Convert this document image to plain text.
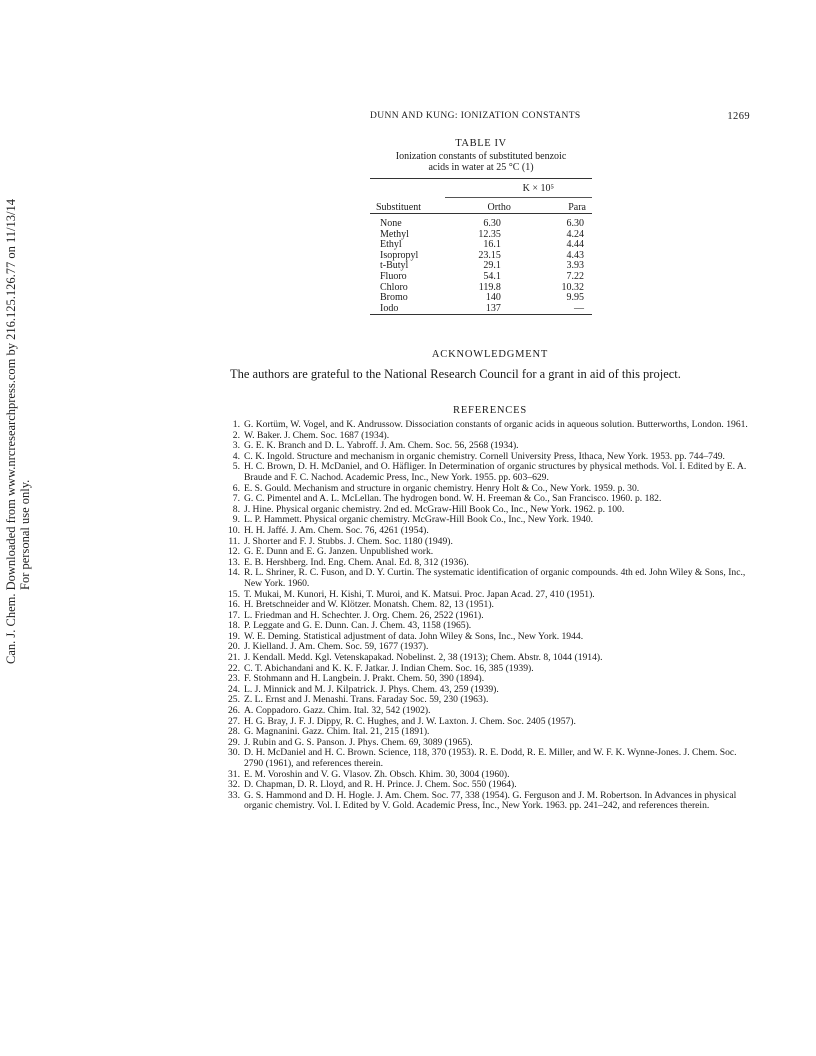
Can. J. Chem. Downloaded from www.nrcresearchpress.com by 216.125.126.77 on 11/13/14 For personal use only.
DUNN AND KUNG: IONIZATION CONSTANTS	1269
TABLE IV
Ionization constants of substituted benzoic
acids in water at 25 °C (1)
	K × 10⁵	

Substituent	Ortho	Para

None	6.30	6.30
Methyl	12.35	4.24
Ethyl	16.1	4.44
Isopropyl	23.15	4.43
t-Butyl	29.1	3.93
Fluoro	54.1	7.22
Chloro	119.8	10.32
Bromo	140	9.95
Iodo	137	—

ACKNOWLEDGMENT
The authors are grateful to the National Research Council for a grant in aid of this project.
REFERENCES
1. G. Kortüm, W. Vogel, and K. Andrussow. Dissociation constants of organic acids in aqueous solution. Butterworths, London. 1961.
2. W. Baker. J. Chem. Soc. 1687 (1934).
3. G. E. K. Branch and D. L. Yabroff. J. Am. Chem. Soc. 56, 2568 (1934).
4. C. K. Ingold. Structure and mechanism in organic chemistry. Cornell University Press, Ithaca, New York. 1953. pp. 744–749.
5. H. C. Brown, D. H. McDaniel, and O. Häfliger. In Determination of organic structures by physical methods. Vol. I. Edited by E. A. Braude and F. C. Nachod. Academic Press, Inc., New York. 1955. pp. 603–629.
6. E. S. Gould. Mechanism and structure in organic chemistry. Henry Holt & Co., New York. 1959. p. 30.
7. G. C. Pimentel and A. L. McLellan. The hydrogen bond. W. H. Freeman & Co., San Francisco. 1960. p. 182.
8. J. Hine. Physical organic chemistry. 2nd ed. McGraw-Hill Book Co., Inc., New York. 1962. p. 100.
9. L. P. Hammett. Physical organic chemistry. McGraw-Hill Book Co., Inc., New York. 1940.
10. H. H. Jaffé. J. Am. Chem. Soc. 76, 4261 (1954).
11. J. Shorter and F. J. Stubbs. J. Chem. Soc. 1180 (1949).
12. G. E. Dunn and E. G. Janzen. Unpublished work.
13. E. B. Hershberg. Ind. Eng. Chem. Anal. Ed. 8, 312 (1936).
14. R. L. Shriner, R. C. Fuson, and D. Y. Curtin. The systematic identification of organic compounds. 4th ed. John Wiley & Sons, Inc., New York. 1960.
15. T. Mukai, M. Kunori, H. Kishi, T. Muroi, and K. Matsui. Proc. Japan Acad. 27, 410 (1951).
16. H. Bretschneider and W. Klötzer. Monatsh. Chem. 82, 13 (1951).
17. L. Friedman and H. Schechter. J. Org. Chem. 26, 2522 (1961).
18. P. Leggate and G. E. Dunn. Can. J. Chem. 43, 1158 (1965).
19. W. E. Deming. Statistical adjustment of data. John Wiley & Sons, Inc., New York. 1944.
20. J. Kielland. J. Am. Chem. Soc. 59, 1677 (1937).
21. J. Kendall. Medd. Kgl. Vetenskapakad. Nobelinst. 2, 38 (1913); Chem. Abstr. 8, 1044 (1914).
22. C. T. Abichandani and K. K. F. Jatkar. J. Indian Chem. Soc. 16, 385 (1939).
23. F. Stohmann and H. Langbein. J. Prakt. Chem. 50, 390 (1894).
24. L. J. Minnick and M. J. Kilpatrick. J. Phys. Chem. 43, 259 (1939).
25. Z. L. Ernst and J. Menashi. Trans. Faraday Soc. 59, 230 (1963).
26. A. Coppadoro. Gazz. Chim. Ital. 32, 542 (1902).
27. H. G. Bray, J. F. J. Dippy, R. C. Hughes, and J. W. Laxton. J. Chem. Soc. 2405 (1957).
28. G. Magnanini. Gazz. Chim. Ital. 21, 215 (1891).
29. J. Rubin and G. S. Panson. J. Phys. Chem. 69, 3089 (1965).
30. D. H. McDaniel and H. C. Brown. Science, 118, 370 (1953). R. E. Dodd, R. E. Miller, and W. F. K. Wynne-Jones. J. Chem. Soc. 2790 (1961), and references therein.
31. E. M. Voroshin and V. G. Vlasov. Zh. Obsch. Khim. 30, 3004 (1960).
32. D. Chapman, D. R. Lloyd, and R. H. Prince. J. Chem. Soc. 550 (1964).
33. G. S. Hammond and D. H. Hogle. J. Am. Chem. Soc. 77, 338 (1954). G. Ferguson and J. M. Robertson. In Advances in physical organic chemistry. Vol. I. Edited by V. Gold. Academic Press, Inc., New York. 1963. pp. 241–242, and references therein.
